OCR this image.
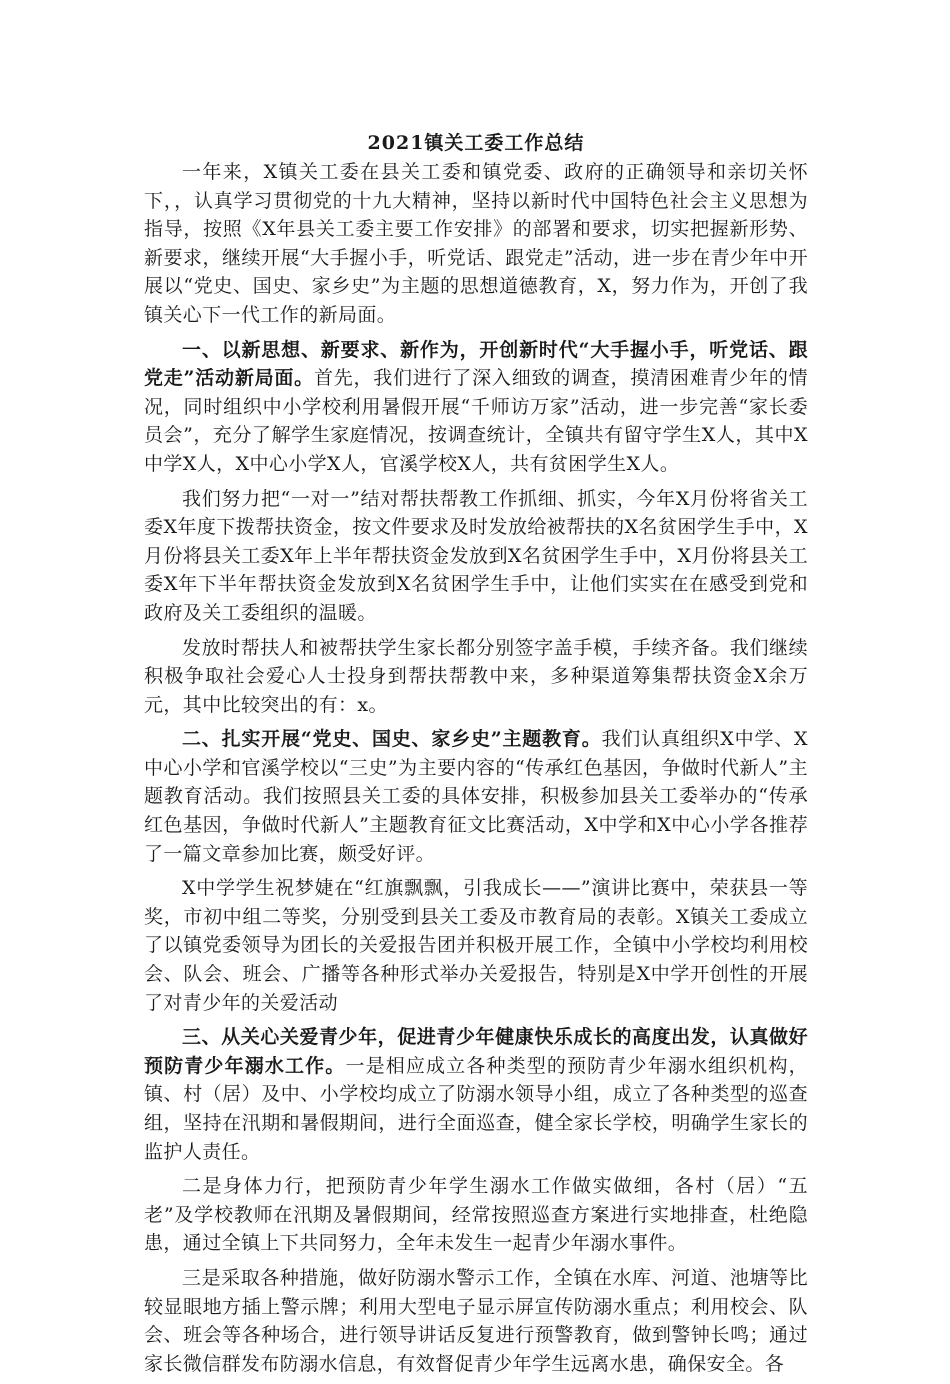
2021镇关工委工作总结

一年来，X镇关工委在县关工委和镇党委、政府的正确领导和亲切关怀下，，认真学习贯彻党的十九大精神，坚持以新时代中国特色社会主义思想为指导，按照《X年县关工委主要工作安排》的部署和要求，切实把握新形势、新要求，继续开展“大手握小手，听党话、跟党走”活动，进一步在青少年中开展以“党史、国史、家乡史”为主题的思想道德教育，X，努力作为，开创了我镇关心下一代工作的新局面。

一、以新思想、新要求、新作为，开创新时代“大手握小手，听党话、跟党走”活动新局面。首先，我们进行了深入细致的调查，摸清困难青少年的情况，同时组织中小学校利用暑假开展“千师访万家”活动，进一步完善“家长委员会”，充分了解学生家庭情况，按调查统计，全镇共有留守学生X人，其中X中学X人，X中心小学X人，官溪学校X人，共有贫困学生X人。

我们努力把“一对一”结对帮扶帮教工作抓细、抓实，今年X月份将省关工委X年度下拨帮扶资金，按文件要求及时发放给被帮扶的X名贫困学生手中，X月份将县关工委X年上半年帮扶资金发放到X名贫困学生手中，X月份将县关工委X年下半年帮扶资金发放到X名贫困学生手中，让他们实实在在感受到党和政府及关工委组织的温暖。

发放时帮扶人和被帮扶学生家长都分别签字盖手模，手续齐备。我们继续积极争取社会爱心人士投身到帮扶帮教中来，多种渠道筹集帮扶资金X余万元，其中比较突出的有：x。

二、扎实开展“党史、国史、家乡史”主题教育。我们认真组织X中学、X中心小学和官溪学校以“三史”为主要内容的“传承红色基因，争做时代新人”主题教育活动。我们按照县关工委的具体安排，积极参加县关工委举办的“传承红色基因，争做时代新人”主题教育征文比赛活动，X中学和X中心小学各推荐了一篇文章参加比赛，颇受好评。

X中学学生祝梦婕在“红旗飘飘，引我成长——”演讲比赛中，荣获县一等奖，市初中组二等奖，分别受到县关工委及市教育局的表彰。X镇关工委成立了以镇党委领导为团长的关爱报告团并积极开展工作，全镇中小学校均利用校会、队会、班会、广播等各种形式举办关爱报告，特别是X中学开创性的开展了对青少年的关爱活动

三、从关心关爱青少年，促进青少年健康快乐成长的高度出发，认真做好预防青少年溺水工作。一是相应成立各种类型的预防青少年溺水组织机构，镇、村（居）及中、小学校均成立了防溺水领导小组，成立了各种类型的巡查组，坚持在汛期和暑假期间，进行全面巡查，健全家长学校，明确学生家长的监护人责任。

二是身体力行，把预防青少年学生溺水工作做实做细，各村（居）“五老”及学校教师在汛期及暑假期间，经常按照巡查方案进行实地排查，杜绝隐患，通过全镇上下共同努力，全年未发生一起青少年溺水事件。

三是采取各种措施，做好防溺水警示工作，全镇在水库、河道、池塘等比较显眼地方插上警示牌；利用大型电子显示屏宣传防溺水重点；利用校会、队会、班会等各种场合，进行领导讲话反复进行预警教育，做到警钟长鸣；通过家长微信群发布防溺水信息，有效督促青少年学生远离水患，确保安全。各
